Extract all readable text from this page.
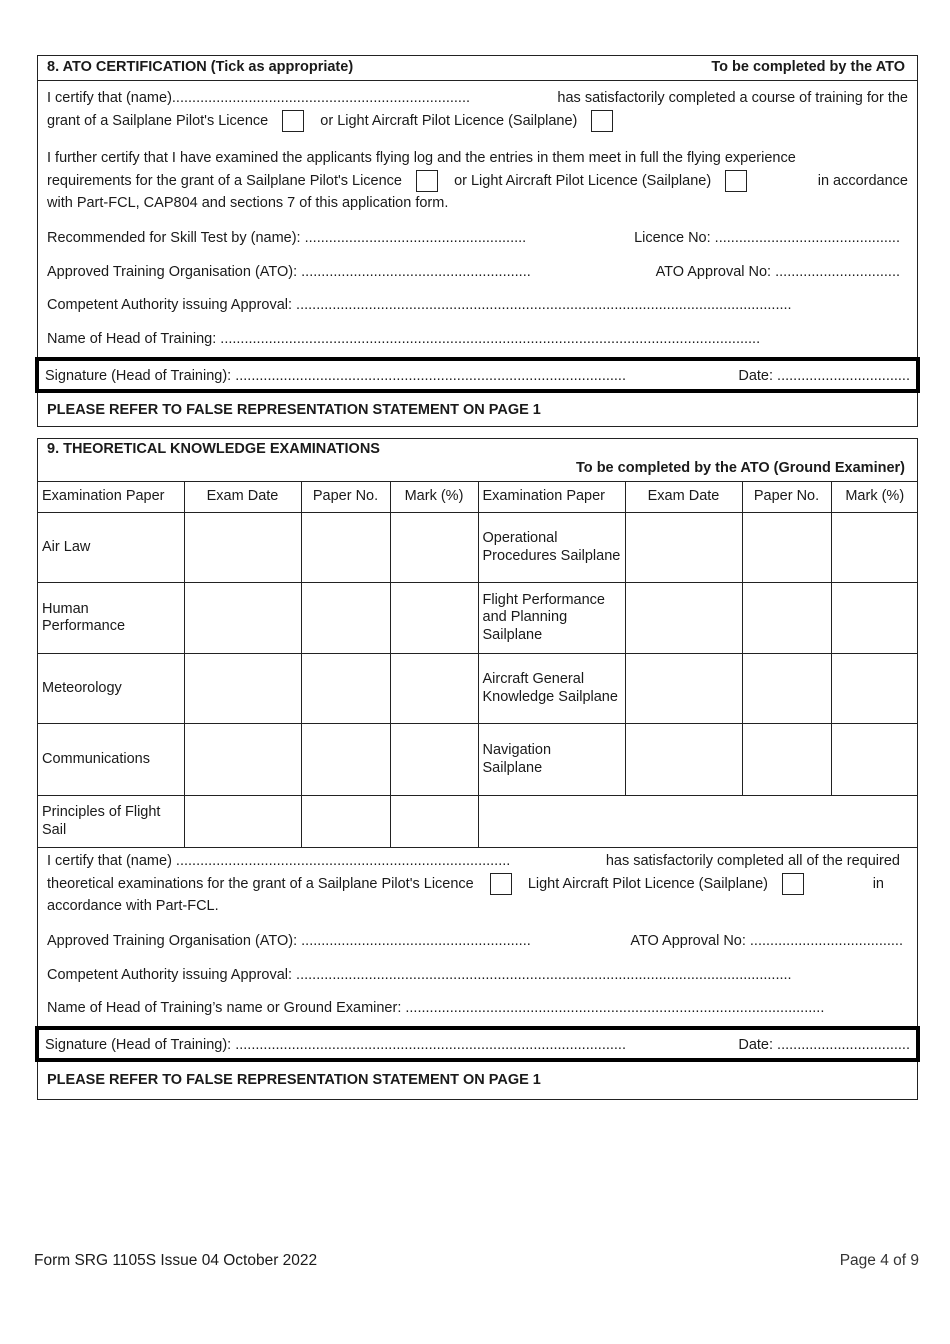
8. ATO CERTIFICATION (Tick as appropriate)	To be completed by the ATO
I certify that (name)..........................................................................	has satisfactorily completed a course of training for the
grant of a Sailplane Pilot's Licence	or Light Aircraft Pilot Licence (Sailplane)
I further certify that I have examined the applicants flying log and the entries in them meet in full the flying experience
requirements for the grant of a Sailplane Pilot's Licence	or Light Aircraft Pilot Licence (Sailplane)	in accordance
with Part-FCL, CAP804 and sections 7 of this application form.
Recommended for Skill Test by (name): .......................................................	Licence No: ..............................................
Approved Training Organisation (ATO): .........................................................	ATO Approval No: ...............................
Competent Authority issuing Approval: ...........................................................................................................................
Name of Head of Training: ......................................................................................................................................
Signature (Head of Training): .................................................................................................	Date: .................................
PLEASE REFER TO FALSE REPRESENTATION STATEMENT ON PAGE 1
9. THEORETICAL KNOWLEDGE EXAMINATIONS
To be completed by the ATO (Ground Examiner)
Examination Paper	Exam Date	Paper No.	Mark (%)	Examination Paper	Exam Date	Paper No.	Mark (%)
Air Law				Operational Procedures Sailplane			
Human Performance				Flight Performance and Planning Sailplane			
Meteorology				Aircraft General Knowledge Sailplane			
Communications				Navigation Sailplane			
Principles of Flight Sail							
I certify that (name) ...................................................................................	has satisfactorily completed all of the required
theoretical examinations for the grant of a Sailplane Pilot's Licence	Light Aircraft Pilot Licence (Sailplane)	in
accordance with Part-FCL.
Approved Training Organisation (ATO): .........................................................	ATO Approval No: ......................................
Competent Authority issuing Approval: ...........................................................................................................................
Name of Head of Training’s name or Ground Examiner: ........................................................................................................
Signature (Head of Training): .................................................................................................	Date: .................................
PLEASE REFER TO FALSE REPRESENTATION STATEMENT ON PAGE 1
Form SRG 1105S Issue 04 October 2022	Page 4 of 9
